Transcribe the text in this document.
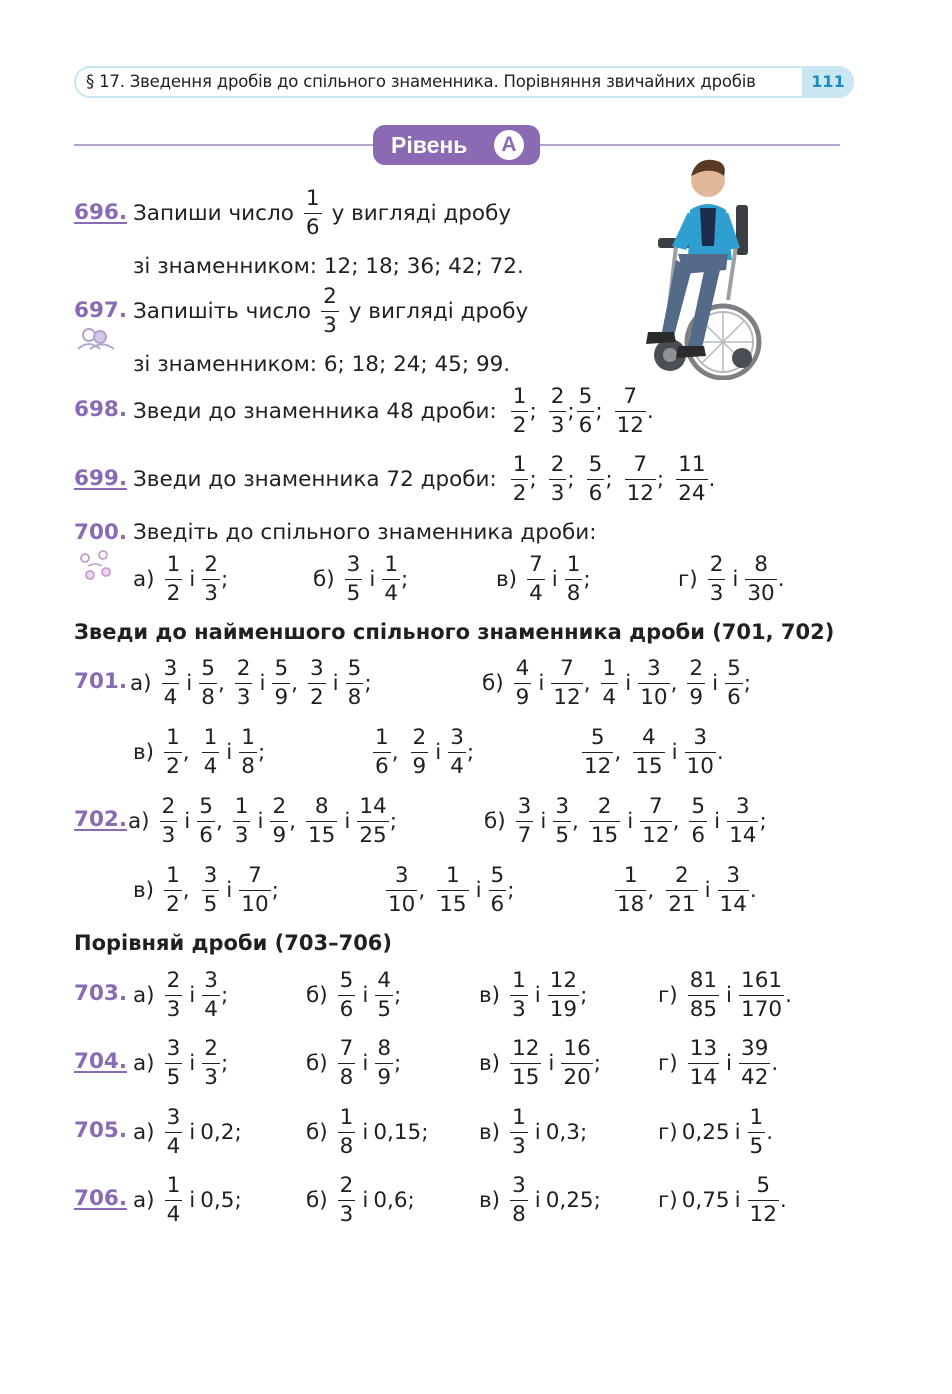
§ 17. Зведення дробів до спільного знаменника. Порівняння звичайних дробів	111
Рівень	А
696. Запиши число $\frac{1}{6}$ у вигляді дробу
зі знаменником: 12; 18; 36; 42; 72.
697. Запишіть число $\frac{2}{3}$ у вигляді дробу
зі знаменником: 6; 18; 24; 45; 99.
698. Зведи до знаменника 48 дроби: $\frac{1}{2}$ ; $\frac{2}{3}$ ; $\frac{5}{6}$ ; $\frac{7}{12}$ .
699. Зведи до знаменника 72 дроби: $\frac{1}{2}$ ; $\frac{2}{3}$ ; $\frac{5}{6}$ ; $\frac{7}{12}$ ; $\frac{11}{24}$ .
700. Зведіть до спільного знаменника дроби:
$а) \frac{1}{2}$ і $\frac{2}{3}$ ;	$б) \frac{3}{5}$ і $\frac{1}{4}$ ;	$в) \frac{7}{4}$ і $\frac{1}{8}$ ;	$г) \frac{2}{3}$ і $\frac{8}{30}$ .
Зведи до найменшого спільного знаменника дроби (701, 702)
701. $а) \frac{3}{4}$ і $\frac{5}{8}$ , $\frac{2}{3}$ і $\frac{5}{9}$ , $\frac{3}{2}$ і $\frac{5}{8}$ ;	$б) \frac{4}{9}$ і $\frac{7}{12}$ , $\frac{1}{4}$ і $\frac{3}{10}$ , $\frac{2}{9}$ і $\frac{5}{6}$ ;
$в) \frac{1}{2}$ , $\frac{1}{4}$ і $\frac{1}{8}$ ;	$\frac{1}{6}$ , $\frac{2}{9}$ і $\frac{3}{4}$ ;	$\frac{5}{12}$ , $\frac{4}{15}$ і $\frac{3}{10}$ .
702. $а) \frac{2}{3}$ і $\frac{5}{6}$ , $\frac{1}{3}$ і $\frac{2}{9}$ , $\frac{8}{15}$ і $\frac{14}{25}$ ;	$б) \frac{3}{7}$ і $\frac{3}{5}$ , $\frac{2}{15}$ і $\frac{7}{12}$ , $\frac{5}{6}$ і $\frac{3}{14}$ ;
$в) \frac{1}{2}$ , $\frac{3}{5}$ і $\frac{7}{10}$ ;	$\frac{3}{10}$ , $\frac{1}{15}$ і $\frac{5}{6}$ ;	$\frac{1}{18}$ , $\frac{2}{21}$ і $\frac{3}{14}$ .
Порівняй дроби (703–706)
703. $а) \frac{2}{3}$ і $\frac{3}{4}$ ;	$б) \frac{5}{6}$ і $\frac{4}{5}$ ;	$в) \frac{1}{3}$ і $\frac{12}{19}$ ;	$г) \frac{81}{85}$ і $\frac{161}{170}$ .
704. $а) \frac{3}{5}$ і $\frac{2}{3}$ ;	$б) \frac{7}{8}$ і $\frac{8}{9}$ ;	$в) \frac{12}{15}$ і $\frac{16}{20}$ ;	$г) \frac{13}{14}$ і $\frac{39}{42}$ .
705. $а) \frac{3}{4}$ і 0,2 ;	$б) \frac{1}{8}$ і 0,15 ; $в) \frac{1}{3}$ і 0,3 ;	г) 0,25 і $\frac{1}{5}$ .
706. $а) \frac{1}{4}$ і 0,5 ;	$б) \frac{2}{3}$ і 0,6 ;	$в) \frac{3}{8}$ і 0,25 ;	г) 0,75 і $\frac{5}{12}$ .
